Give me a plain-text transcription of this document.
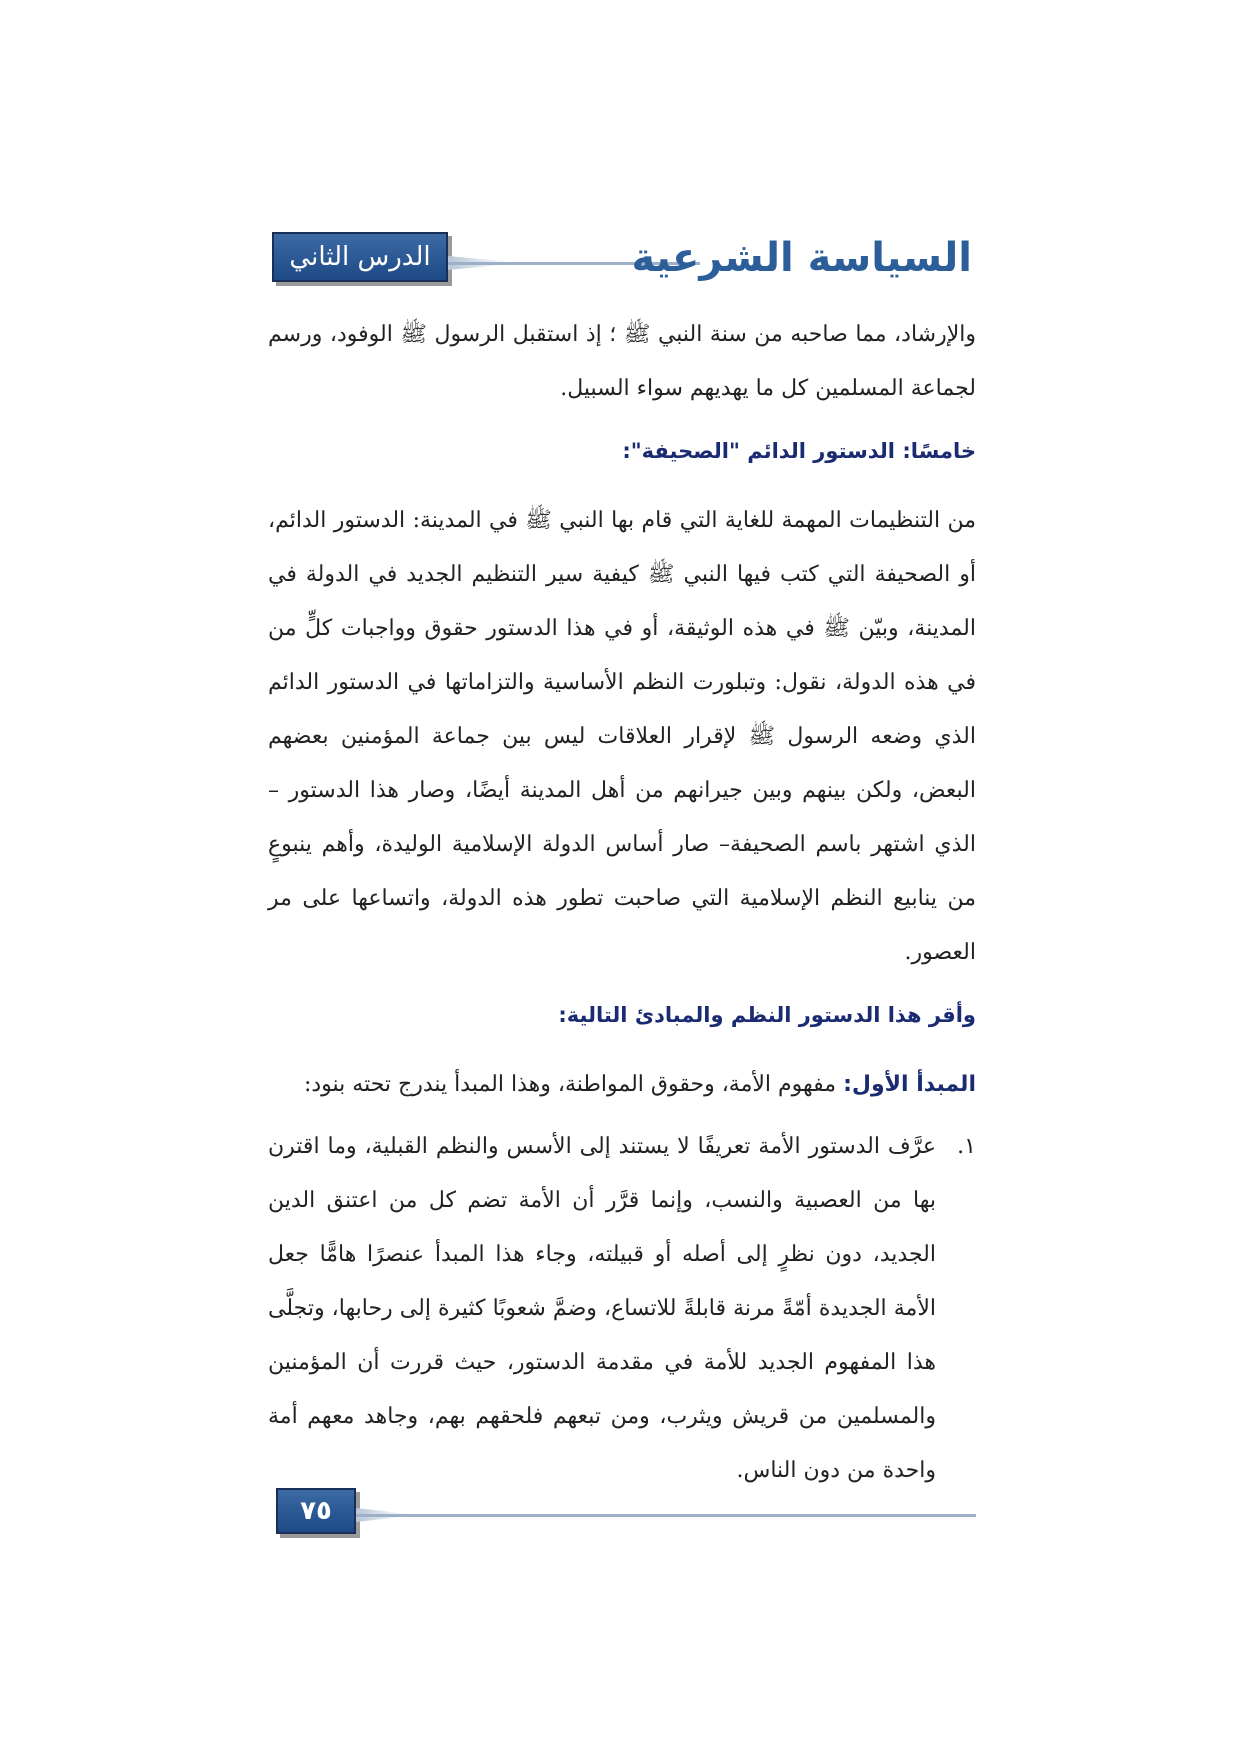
الدرس الثاني	السياسة الشرعية

والإرشاد، مما صاحبه من سنة النبي ﷺ ؛ إذ استقبل الرسول ﷺ الوفود، ورسم لجماعة المسلمين كل ما يهديهم سواء السبيل.

خامسًا: الدستور الدائم "الصحيفة":

من التنظيمات المهمة للغاية التي قام بها النبي ﷺ في المدينة: الدستور الدائم، أو الصحيفة التي كتب فيها النبي ﷺ كيفية سير التنظيم الجديد في الدولة في المدينة، وبيّن ﷺ في هذه الوثيقة، أو في هذا الدستور حقوق وواجبات كلٍّ من في هذه الدولة، نقول: وتبلورت النظم الأساسية والتزاماتها في الدستور الدائم الذي وضعه الرسول ﷺ لإقرار العلاقات ليس بين جماعة المؤمنين بعضهم البعض، ولكن بينهم وبين جيرانهم من أهل المدينة أيضًا، وصار هذا الدستور –الذي اشتهر باسم الصحيفة– صار أساس الدولة الإسلامية الوليدة، وأهم ينبوعٍ من ينابيع النظم الإسلامية التي صاحبت تطور هذه الدولة، واتساعها على مر العصور.

وأقر هذا الدستور النظم والمبادئ التالية:

المبدأ الأول: مفهوم الأمة، وحقوق المواطنة، وهذا المبدأ يندرج تحته بنود:

١.
عرَّف الدستور الأمة تعريفًا لا يستند إلى الأسس والنظم القبلية، وما اقترن بها من العصبية والنسب، وإنما قرَّر أن الأمة تضم كل من اعتنق الدين الجديد، دون نظرٍ إلى أصله أو قبيلته، وجاء هذا المبدأ عنصرًا هامًّا جعل الأمة الجديدة أمّةً مرنة قابلةً للاتساع، وضمَّ شعوبًا كثيرة إلى رحابها، وتجلَّى هذا المفهوم الجديد للأمة في مقدمة الدستور، حيث قررت أن المؤمنين والمسلمين من قريش ويثرب، ومن تبعهم فلحقهم بهم، وجاهد معهم أمة واحدة من دون الناس.
٧٥
